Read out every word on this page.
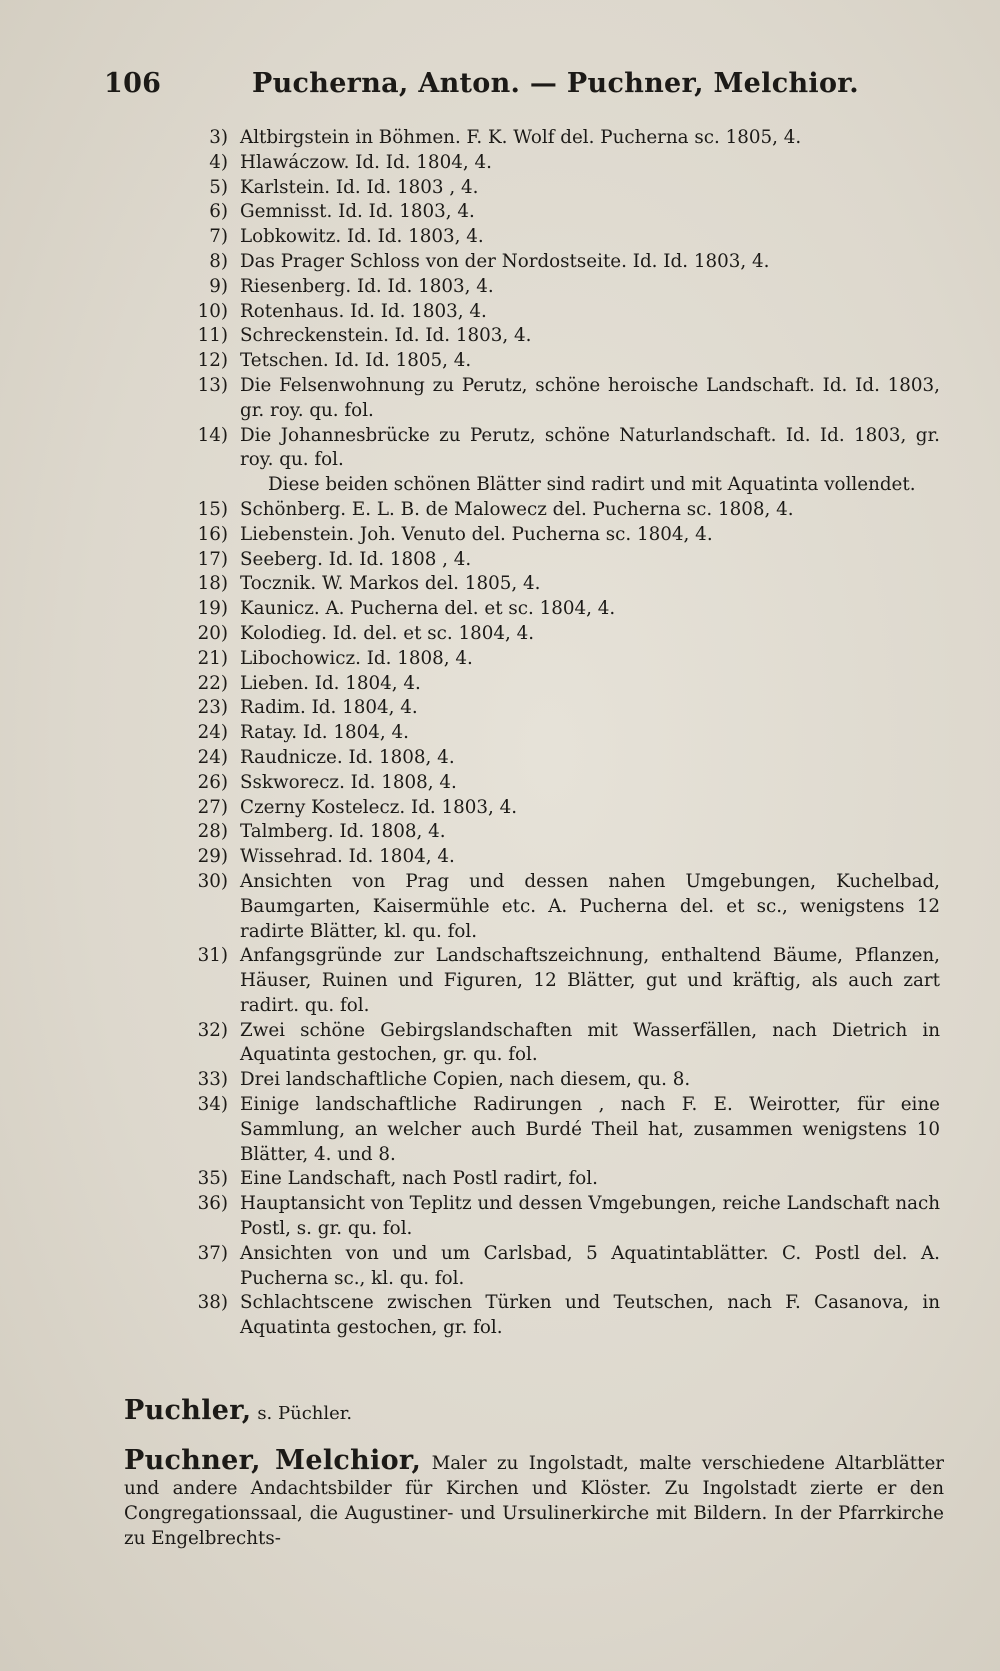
106	Pucherna, Anton. — Puchner, Melchior.
3) Altbirgstein in Böhmen. F. K. Wolf del. Pucherna sc. 1805, 4.
4) Hlawáczow. Id. Id. 1804, 4.
5) Karlstein. Id. Id. 1803 , 4.
6) Gemnisst. Id. Id. 1803, 4.
7) Lobkowitz. Id. Id. 1803, 4.
8) Das Prager Schloss von der Nordostseite. Id. Id. 1803, 4.
9) Riesenberg. Id. Id. 1803, 4.
10) Rotenhaus. Id. Id. 1803, 4.
11) Schreckenstein. Id. Id. 1803, 4.
12) Tetschen. Id. Id. 1805, 4.
13) Die Felsenwohnung zu Perutz, schöne heroische Landschaft. Id. Id. 1803, gr. roy. qu. fol.
14) Die Johannesbrücke zu Perutz, schöne Naturlandschaft. Id. Id. 1803, gr. roy. qu. fol.
Diese beiden schönen Blätter sind radirt und mit Aquatinta vollendet.
15) Schönberg. E. L. B. de Malowecz del. Pucherna sc. 1808, 4.
16) Liebenstein. Joh. Venuto del. Pucherna sc. 1804, 4.
17) Seeberg. Id. Id. 1808 , 4.
18) Tocznik. W. Markos del. 1805, 4.
19) Kaunicz. A. Pucherna del. et sc. 1804, 4.
20) Kolodieg. Id. del. et sc. 1804, 4.
21) Libochowicz. Id. 1808, 4.
22) Lieben. Id. 1804, 4.
23) Radim. Id. 1804, 4.
24) Ratay. Id. 1804, 4.
24) Raudnicze. Id. 1808, 4.
26) Sskworecz. Id. 1808, 4.
27) Czerny Kostelecz. Id. 1803, 4.
28) Talmberg. Id. 1808, 4.
29) Wissehrad. Id. 1804, 4.
30) Ansichten von Prag und dessen nahen Umgebungen, Kuchelbad, Baumgarten, Kaisermühle etc. A. Pucherna del. et sc., wenigstens 12 radirte Blätter, kl. qu. fol.
31) Anfangsgründe zur Landschaftszeichnung, enthaltend Bäume, Pflanzen, Häuser, Ruinen und Figuren, 12 Blätter, gut und kräftig, als auch zart radirt. qu. fol.
32) Zwei schöne Gebirgslandschaften mit Wasserfällen, nach Dietrich in Aquatinta gestochen, gr. qu. fol.
33) Drei landschaftliche Copien, nach diesem, qu. 8.
34) Einige landschaftliche Radirungen , nach F. E. Weirotter, für eine Sammlung, an welcher auch Burdé Theil hat, zusammen wenigstens 10 Blätter, 4. und 8.
35) Eine Landschaft, nach Postl radirt, fol.
36) Hauptansicht von Teplitz und dessen Vmgebungen, reiche Landschaft nach Postl, s. gr. qu. fol.
37) Ansichten von und um Carlsbad, 5 Aquatintablätter. C. Postl del. A. Pucherna sc., kl. qu. fol.
38) Schlachtscene zwischen Türken und Teutschen, nach F. Casanova, in Aquatinta gestochen, gr. fol.
Puchler, s. Püchler.
Puchner, Melchior, Maler zu Ingolstadt, malte verschiedene Altarblätter und andere Andachtsbilder für Kirchen und Klöster. Zu Ingolstadt zierte er den Congregationssaal, die Augustiner- und Ursulinerkirche mit Bildern. In der Pfarrkirche zu Engelbrechts-
